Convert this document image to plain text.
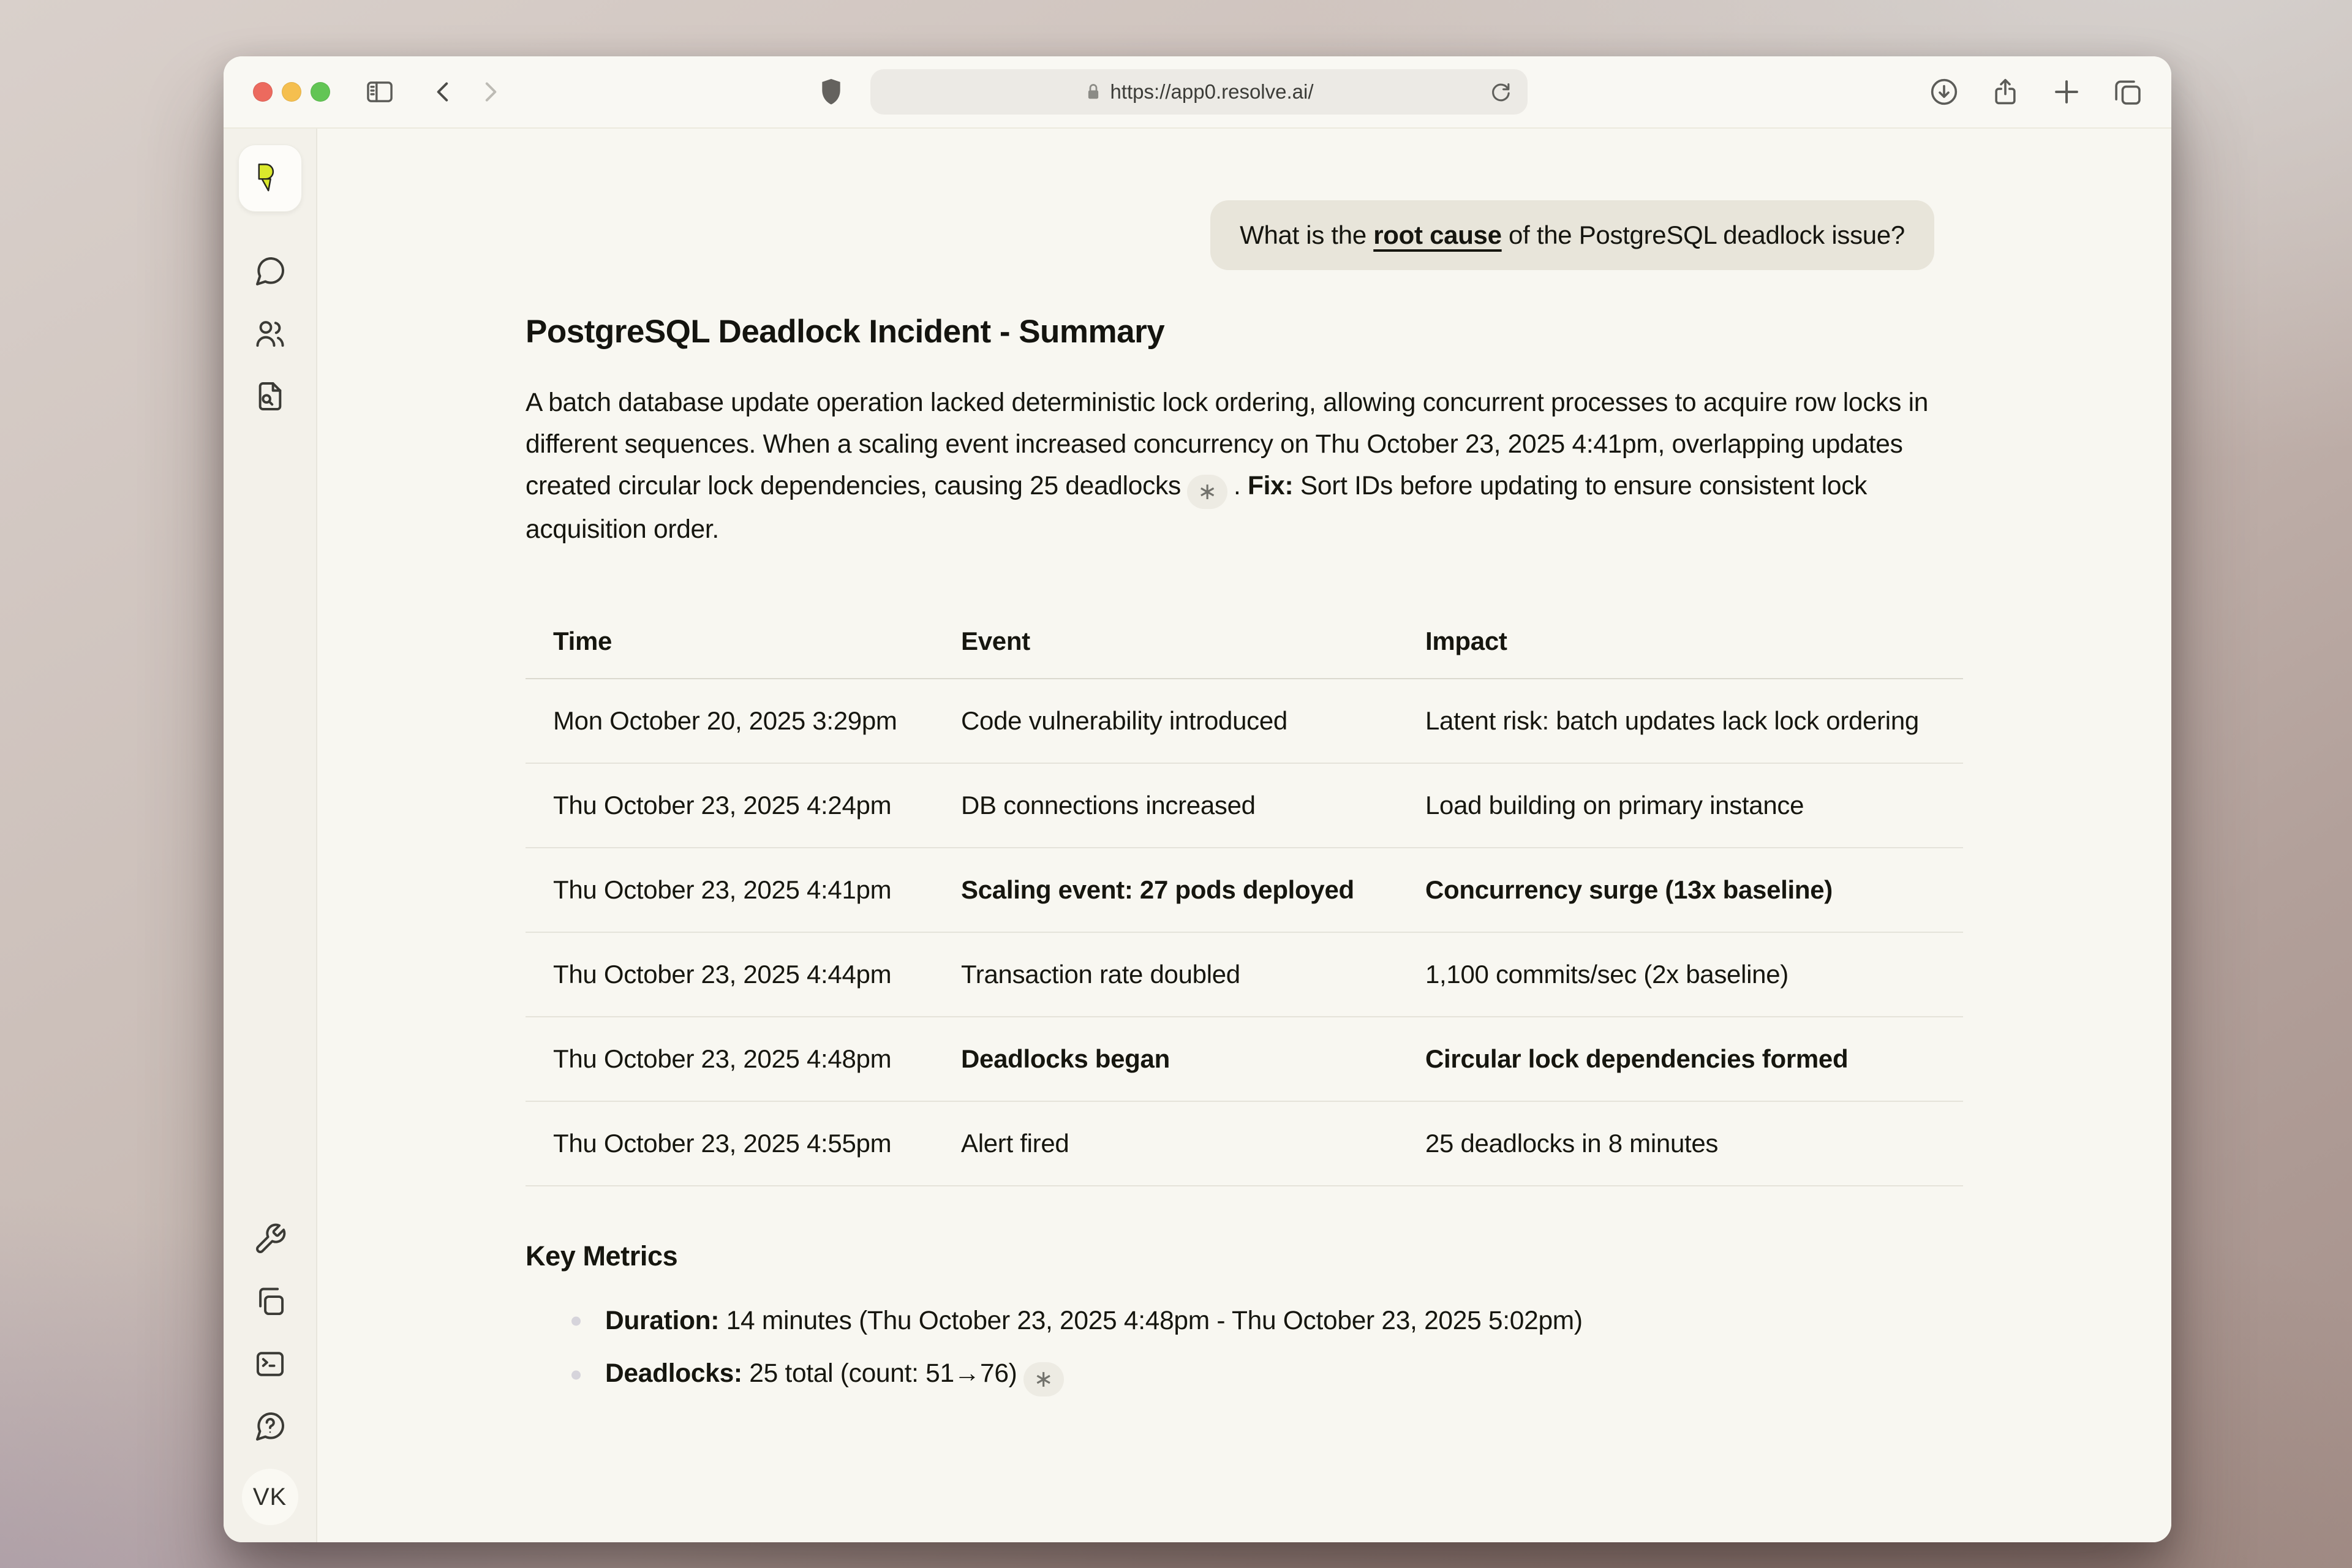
https://app0.resolve.ai/
VK
What is the root cause of the PostgreSQL deadlock issue?
PostgreSQL Deadlock Incident - Summary

A batch database update operation lacked deterministic lock ordering, allowing concurrent processes to acquire row locks in different sequences. When a scaling event increased concurrency on Thu October 23, 2025 4:41pm, overlapping updates created circular lock dependencies, causing 25 deadlocks ∗ . Fix: Sort IDs before updating to ensure consistent lock acquisition order.

Time	Event	Impact
Mon October 20, 2025 3:29pm	Code vulnerability introduced	Latent risk: batch updates lack lock ordering
Thu October 23, 2025 4:24pm	DB connections increased	Load building on primary instance
Thu October 23, 2025 4:41pm	Scaling event: 27 pods deployed	Concurrency surge (13x baseline)
Thu October 23, 2025 4:44pm	Transaction rate doubled	1,100 commits/sec (2x baseline)
Thu October 23, 2025 4:48pm	Deadlocks began	Circular lock dependencies formed
Thu October 23, 2025 4:55pm	Alert fired	25 deadlocks in 8 minutes
Key Metrics
Duration: 14 minutes (Thu October 23, 2025 4:48pm - Thu October 23, 2025 5:02pm)
Deadlocks: 25 total (count: 51→76) ∗
